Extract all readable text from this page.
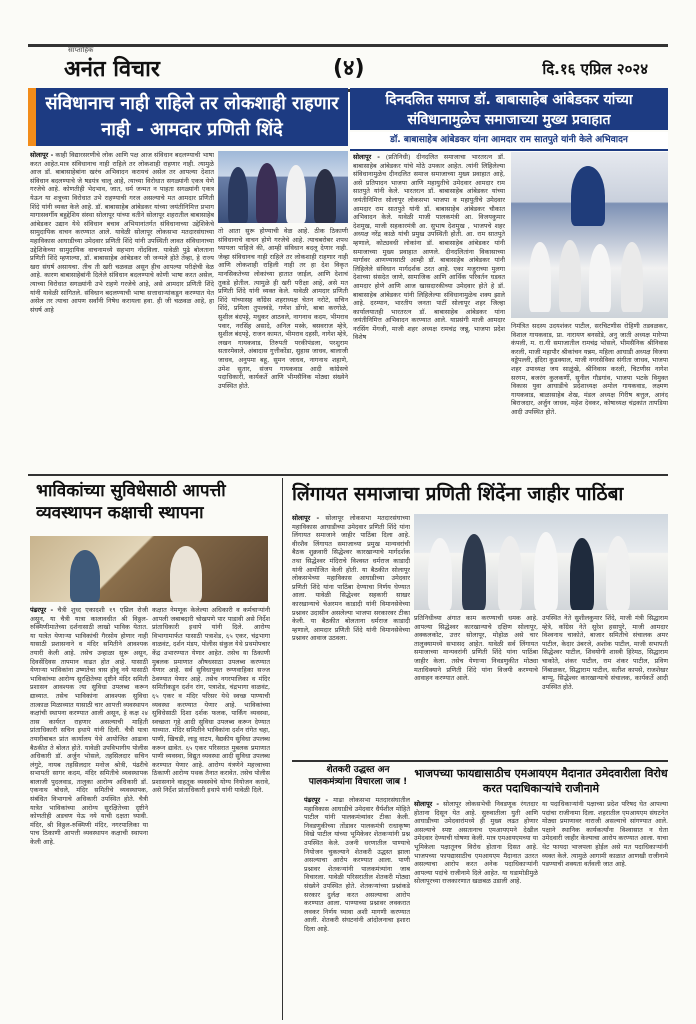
साप्ताहिक
अनंत विचार	(४)	दि.१६ एप्रिल २०२४
संविधानाच नाही राहिले तर लोकशाही राहणार नाही - आमदार प्रणिती शिंदे
सोलापूर - काही विद्यारसरणीचे लोक आणि पक्ष आज संविधान बदलण्याची भाषा करत आहेत.मात्र संविधानाच नाही राहिले तर लोकशाही राहणार नाही. त्यामुळे आज डॉ. बाबासाहेबांना खरंच अभिवादन करायचं असेल तर आपल्या देशात संविधान बदलण्याचे जे षडयंत्र चालू आहे, त्याच्या विरोधात सगळ्यांनी एकत्र येणे गरजेचे आहे. कोणतीही भेदभाव, जात, धर्म जन्मत न पाहता सगळ्यांनी एकत्र येऊन या शत्रूच्या विरोधात उभे राहण्याची गरज असल्याचे मत आमदार प्रणिती शिंदे यांनी व्यक्त केले आहे. डॉ. बाबासाहेब आंबेडकर यांच्या जयंतीनिमित्त प्रभाग मागासवर्गीय बहुद्देशिय संस्था सोलापूर यांच्या वतीने सोलापूर शहरातील बाबासाहेब आंबेडकर उद्यान येथे संविधान बचाव अभियानांतर्गत संविधानाच्या उद्देशिकेचे सामुदायिक वाचन करण्यात आले. यावेळी सोलापूर लोकसभा मतदारसंघाच्या महाविकास आघाडीच्या उमेदवार प्रणिती शिंदे यांनी उपस्थिती लावत संविधानाच्या उद्देशिकेच्या सामुदायिक वाचनामध्ये सहभाग नोंदविला. यावेळी पुढे बोलताना प्रणिती शिंदे म्हणाल्या, डॉ. बाबासाहेब आंबेडकर जी जन्मले होते तेव्हा, हे राज्य खरा संघर्ष असायचा. तीच ती खरी चळवळ असून हीच आपल्या परीक्षेची वेळ आहे. कारण बाबासाहेबांनी दिलेले संविधान बदलण्याचे कोणी भाषा करत असेल, त्याच्या विरोधात सगळ्यांनी उभे राहणे गरजेचे आहे, असे आमदार प्रणिती शिंदे यांनी यावेळी सांगितले. संविधान बदलण्याची भाषा सत्ताधाऱ्यांकडून करण्यात येत असेल तर त्याचा आपण सर्वांनी निषेध करायला हवा. ही जी चळवळ आहे, हा संघर्ष आहे
तो आता सुरू होण्याची वेळ आहे. ठीक ठिकाणी संविधानाचे वाचन होणे गरजेचे आहे. त्याचबरोबर शपथ घ्यायला पाहिजे की, आम्ही संविधान बदलू देणार नाही. जेव्हा संविधानच नाही राहिले तर लोकशाही राहणार नाही आणि लोकशाही राहिली नाही तर हा देश विकृत मानसिकतेच्या लोकांच्या हातात जाईल, आणि देशाचं तुकडे होतील. त्यामुळे ही खरी परीक्षा आहे, असे मत प्रणिती शिंदे यांनी व्यक्त केले. यावेळी आमदार प्रणिती शिंदे यांच्यासह काँग्रेस शहराध्यक्ष चेतन नरोटे, सचिन शिंदे, प्रमिला तुपलवंडे, गणेश डोंगरे, बाबा करगोळे, सुशील बंदपट्टे, मधुकर आठवले, नागनाथ कदम, भीमराव पवार, नरसिंह असादे, अनिल मस्के, बसवराज म्हेत्रे, सुशील बंदपट्टे, राजन कामत, भीमराव दहसी, नागेश म्हेत्रे, लखन गायकवाड, तिरुपती परकीपंडला, परशुराम सतारमेवाले, अंबादास गुत्तीकोंडा, सुहास जाधव, बालाजी जाधव, अनुपमा बहू, सुमन जाधव, नागनाथ शहाणे, उमेश सुतार, संजय गायकवाड आदी कांग्रेसचे पदाधिकारी, कार्यकर्ते आणि भीमसैनिक मोठ्या संख्येने उपस्थित होते.
दिनदलित समाज डॉ. बाबासाहेब आंबेडकर यांच्या संविधानामुळेच समाजाच्या मुख्य प्रवाहात
डॉ. बाबासाहेब आंबेडकर यांना आमदार राम सातपुते यांनी केले अभिवादन
सोलापूर - (प्रतिनिधी) दीनदलित समाजाचा भारतरत्न डॉ. बाबासाहेब आंबेडकर यांचे मोठे उपकार आहेत. त्यांनी लिहिलेल्या संविधानामुळेच दीनदलित समाज समाजाच्या मुख्य प्रवाहात आहे, असे प्रतिपादन भाजपा आणि महायुतीचे उमेदवार आमदार राम सातपुते यांनी केले. भारतरत्न डॉ. बाबासाहेब आंबेडकर यांच्या जयंतीनिमित्त सोलापूर लोकसभा भाजपा व महायुतीचे उमेदवार आमदार राम सातपुते यांनी डॉ. बाबासाहेब आंबेडकर चौकात अभिवादन केले. यावेळी माजी पालकमंत्री आ. विजयकुमार देशमुख, माजी सहकारमंत्री आ. सुभाष देशमुख , भाजपचे शहर अध्यक्ष नरेंद्र काळे यांची प्रमुख उपस्थिती होती. आ. राम सातपुते म्हणाले, कोट्यवधी लोकांना डॉ. बाबासाहेब आंबेडकर यांनी समाजाच्या मुख्य प्रवाहात आणले. दीनदलितांना विकासाच्या मार्गावर आणण्यासाठी आम्ही डॉ. बाबासाहेब आंबेडकर यांनी लिहिलेले संविधान मार्गदर्शक ठरत आहे. एका मजुराच्या मुलगा देशाच्या संसदेत जाणे, सामाजिक आणि आर्थिक परिवर्तन घडवत आमदार होणे आणि आज खासदारकीच्या उमेदवार होते हे डॉ. बाबासाहेब आंबेडकर यांनी लिहिलेल्या संविधानामुळेच शक्य झाले आहे. दरम्यान, भारतीय जनता पार्टी सोलापूर शहर जिल्हा कार्यालयातही भारतरत्न डॉ. बाबासाहेब आंबेडकर यांना जयंतीनिमित्त अभिवादन करण्यात आले. याप्रसंगी माजी आमदार नरसिंग मेंगजी, माजी शहर अध्यक्ष रामचंद्र जन्नू, भाजपा प्रदेश विशेष
निमंत्रित सदस्य उदयशंकर पाटील, सरचिटणीस रोहिणी तडवळकर, विशाल गायकवाड, प्रा. नारायण बनसोडे, अनु जाती अध्यक्ष मारेप्पा कंपली, म. रा.गी समाजातील रामचंद्र भोसले, भीमसैनिक श्रीनिवास करली, माजी महापौर श्रीकांचन यन्नम, महिला आघाडी अध्यक्ष विजया वड्डेपल्ली, इंदिरा कुडक्याल, माजी नगरसेविका संगीता जाधव, भाजपा शहर उपाध्यक्ष जय साळुंखे, श्रीनिवास करली, चिटणीस नागेश सरगम, बजरंग कुलकर्णी, सुनील गौडगांव, भाजपा भटके विमुक्त विकास युवा आघाडीचे प्रदेशाध्यक्ष अमोल गायकवाड, लक्ष्मण गायकवाड, बाळासाहेब शेख, मंडल अध्यक्ष गिरीष बत्तुल, आनंद बिराजदार, अर्जुन जाधव, महेश देवकर, कोषाध्यक्ष चंद्रकांत तापडिया आदी उपस्थित होते.
भाविकांच्या सुविधेसाठी आपत्ती व्यवस्थापन कक्षाची स्थापना
पंढरपूर - चैत्री शुध्द एकादशी १९ एप्रिल रोजी असून, या चैत्री यात्रा कालावधीत श्री विठ्ठल-रुक्मिणीमातेच्या दर्शनासाठी लाखो भाविक येतात. या यात्रेत येणाऱ्या भाविकांची गैरसोय होणार नाही यासाठी प्रशासनाने व मंदिर समितीने आवश्यक तयारी केली आहे. तसेच उन्हाळा सुरू असून, दिवसेंदिवस तापमान वाढत होत आहे. यासाठी येणाऱ्या भाविकांना उष्णतेचा त्रास होवू नये यासाठी भाविकांच्या आरोग्य सुरक्षितेच्या दृष्टीने मंदिर समिती प्रशासन आवश्यक त्या सुविधा उपलब्ध करून द्याव्यात. तसेच भाविकांना आवश्यक सुविधा तात्काळ मिळाव्यात यासाठी चार आपत्ती व्यवस्थापन कक्षांची स्थापना करण्यात आली असून, हे कक्ष २४ तास कार्यरत राहणार असल्याची माहिती प्रांताधिकारी सचिन इथापे यांनी दिली. चैत्री यात्रा तयारीबाबत प्रांत कार्यालय येथे आयोजित आढावा बैठकीत ते बोलत होते. यावेळी उपविभागीय पोलीस अधिकारी डॉ. अर्जुन भोसले, तहसिलदार सचिन लंगुटे, नायब तहसिलदार मनोज श्रोत्री, पंढरीचे सभापती सागर कदम, मंदिर समितीचे व्यवस्थापक बालाजी पुदलवाड, तालुका आरोग्य अधिकारी डॉ. एकनाथ बोधले, मंदिर समितीचे व्यवस्थापक, संबंधित विभागाचे अधिकारी उपस्थित होते. चैत्री यात्रेत भाविकांच्या आरोग्य सुरक्षितेच्या दृष्टीने कोणतीही अडचण येऊ नये याची दक्षता घ्यावी. मंदिर, श्री विठ्ठल-रुक्मिणी मंदिर, नगरपालिका या पाच ठिकाणी आपत्ती व्यवस्थापन कक्षाची स्थापना केली आहे.
कक्षात नेमणूक केलेल्या अधिकारी व कर्मचाऱ्यांनी आपली जबाबदारी चोखपणे पार पाडावी असे निर्देश प्रांताधिकारी इथापे यांनी दिले. आरोग्य विभागामार्फत यासाठी पत्राशेड, ६५ एकर, चंद्रभागा वाळवंट, दर्शन मंडप, पोलीस संकुल येथे प्रथमोपचार केंद्र उभारण्यात येणार आहेत. तसेच या ठिकाणी मुबलक प्रमाणात औषधसाठा उपलब्ध करण्यात येणार आहे. सर्व सुविधायुक्त रुग्णवाहिका सज्ज ठेवण्यात येणार आहे. तसेच नगरपालिका व मंदिर समितीकडून दर्शन रांग, पत्राशेड, चंद्रभागा वाळवंट, ६५ एकर व मंदिर परिसर येथे स्वच्छ पाण्याची व्यवस्था करण्यात येणार आहे. भाविकांच्या सुविधेसाठी दिशा दर्शक फलक, पार्किंग व्यवस्था, स्वच्छता गृहे आदी सुविधा उपलब्ध करून देण्यात याव्यात. मंदिर समितीने भाविकांना दर्शन रांगेत चहा, पाणी, खिचडी, लाडू वाटप, वैद्यकीय सुविधा उपलब्ध करून द्यावेत. ६५ एकर परिसरात मुबलक प्रमाणात पाणी व्यवस्था, विद्युत व्यवस्था आदी सुविधा उपलब्ध करण्यात येणार आहे. आरोग्य यंत्रणेने महत्त्वाच्या ठिकाणी आरोग्य पथक तैनात करावेत. तसेच पोलीस प्रशासनाने वाहतूक व्यवस्थेचे योग्य नियोजन करावे, असे निर्देश प्रांताधिकारी इथापे यांनी यावेळी दिले.
लिंगायत समाजाचा प्रणिती शिंदेंना जाहीर पाठिंबा
सोलापूर - सोलापूर लोकसभा मतदारसंघाच्या महाविकास आघाडीच्या उमेदवार प्रणिती शिंदे यांना लिंगायत समाजाने जाहीर पाठिंबा दिला आहे. वीरशैव लिंगायत समाजाच्या प्रमुख मान्यवरांची बैठक शुक्रवारी सिद्धेश्वर कारखान्याचे मार्गदर्शक तथा सिद्धेश्वर मंदिराचे विश्वस्त धर्मराज काडादी यांनी आयोजित केली होती. या बैठकीत सोलापूर लोकसभेच्या महाविकास आघाडीच्या उमेदवार प्रणिती शिंदे यांना पाठिंबा देण्याचा निर्णय घेण्यात आला. यावेळी सिद्धेश्वर सहकारी साखर कारखान्याचे चेअरमन काडादी यांनी विमानसेवेच्या प्रश्नावर उदासीन असलेल्या भाजपा सरकारवर टीका केली. या बैठकीत बोलताना धर्मराज काडादी म्हणाले, आमदार प्रणिती शिंदे यांनी विमानसेवेच्या प्रश्नावर आवाज उठवला.
प्रतिनिधीच्या अंगात काम करण्याची धमक आहे. आपल्या सिद्धेश्वर कारखान्याचे दक्षिण सोलापूर, अक्कलकोट, उत्तर सोलापूर, मोहोळ असे चार तालुक्यामध्ये सभासद आहेत. यावेळी सर्व लिंगायत समाजाच्या मान्यवरांनी प्रणिती शिंदे यांना पाठिंबा जाहीर केला. तसेच येणाऱ्या निवडणुकीत मोठ्या मताधिक्याने प्रणिती शिंदे यांना विजयी करण्याचे आवाहन करण्यात आले.
उपस्थित नेते सुशीलकुमार शिंदे, माजी मंत्री सिद्धाराम म्हेत्रे, काँग्रेस नेते सुरेश हसापुरे, माजी आमदार विश्वनाथ चाकोते, बाजार समितीचे संचालक अमर पाटील, केदार उंबरजे, अशोक पाटील, माजी सभापती सिद्धेश्वर पाटील, शिवयोगी शास्त्री हिरेमठ, सिद्धाराम चाकोते, शंकर पाटील, राम शंकर पाटील, प्रविण निंबाळकर, सिद्धाराम पाटील, सतीश कापसे, राजशेखर बाप्पू, सिद्धेश्वर कारखान्याचे संचालक, कार्यकर्ते आदी उपस्थित होते.
शेतकरी उद्धस्त अन पालकमंत्र्यांना विचारला जाब !
पंढरपूर - माढा लोकसभा मतदारसंघातील महाविकास आघाडीचे उमेदवार धैर्यशील मोहिते पाटील यांनी पालकमंत्र्यांवर टीका केली. निवडणुकीच्या तोंडावर पालकमंत्री राधाकृष्ण विखे पाटील यांच्या भूमिकेवर शेतकऱ्यांनी प्रश्न उपस्थित केले. उजनी धरणातील पाण्याचे नियोजन चुकल्याने शेतकरी उद्धस्त झाला असल्याचा आरोप करण्यात आला. पाणी प्रश्नावर शेतकऱ्यांनी पालकमंत्र्यांना जाब विचारला. यावेळी परिसरातील शेतकरी मोठ्या संख्येने उपस्थित होते. शेतकऱ्यांच्या प्रश्नांकडे सरकार दुर्लक्ष करत असल्याचा आरोप करण्यात आला. पाण्याच्या प्रश्नावर लवकरात लवकर निर्णय घ्यावा अशी मागणी करण्यात आली. शेतकरी संघटनांनी आंदोलनाचा इशारा दिला आहे.
भाजपच्या फायद्यासाठीच एमआयएम मैदानात उमेदवारीला विरोध करत पदाधिकाऱ्यांचे राजीनामे
सोलापूर - सोलापूर लोकसभेची निवडणूक रंगतदार होताना दिसून येत आहे. सुरुवातीला युती आणि आघाडीच्या उमेदवारांमध्ये ही मुख्य लढत होणार असल्याचे स्पष्ट असतानाच एमआयएमने देखील उमेदवार देण्याची घोषणा केली. मात्र एमआयएमच्या या भूमिकेला पक्षातूनच विरोध होताना दिसत आहे. भाजपच्या फायद्यासाठीच एमआयएम मैदानात उतरत असल्याचा आरोप करत अनेक पदाधिकाऱ्यांनी आपल्या पदांचे राजीनामे दिले आहेत. या घडामोडीमुळे सोलापूरच्या राजकारणात खळबळ उडाली आहे.
या पदाधिकाऱ्यांनी पक्षाच्या प्रदेश परिषद घेत आपल्या पदांचा राजीनामा दिला. शहरातील एमआयएम संघटनेत मोठ्या प्रमाणावर नाराजी असल्याचे सांगण्यात आले. पक्षाने स्थानिक कार्यकर्त्यांना विश्वासात न घेता उमेदवारी जाहीर केल्याचा आरोप करण्यात आला. याचा थेट फायदा भाजपला होईल असे मत पदाधिकाऱ्यांनी व्यक्त केले. त्यामुळे आगामी काळात आणखी राजीनामे पडण्याची शक्यता वर्तवली जात आहे.
